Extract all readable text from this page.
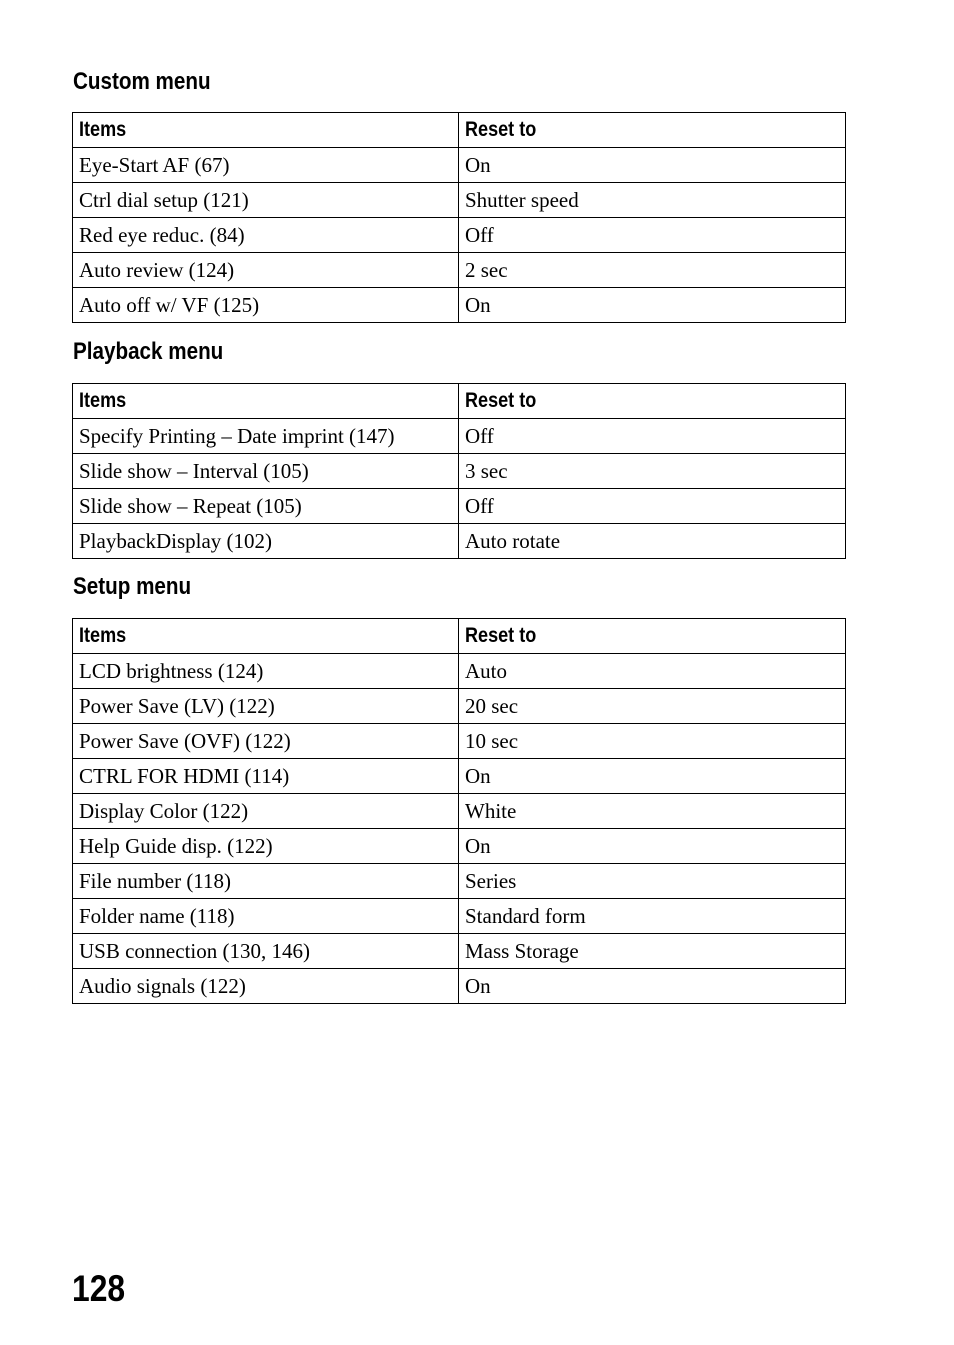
Custom menu
Items	Reset to
Eye-Start AF (67)	On
Ctrl dial setup (121)	Shutter speed
Red eye reduc. (84)	Off
Auto review (124)	2 sec
Auto off w/ VF (125)	On
Playback menu
Items	Reset to
Specify Printing – Date imprint (147)	Off
Slide show – Interval (105)	3 sec
Slide show – Repeat (105)	Off
PlaybackDisplay (102)	Auto rotate
Setup menu
Items	Reset to
LCD brightness (124)	Auto
Power Save (LV) (122)	20 sec
Power Save (OVF) (122)	10 sec
CTRL FOR HDMI (114)	On
Display Color (122)	White
Help Guide disp. (122)	On
File number (118)	Series
Folder name (118)	Standard form
USB connection (130, 146)	Mass Storage
Audio signals (122)	On
128
